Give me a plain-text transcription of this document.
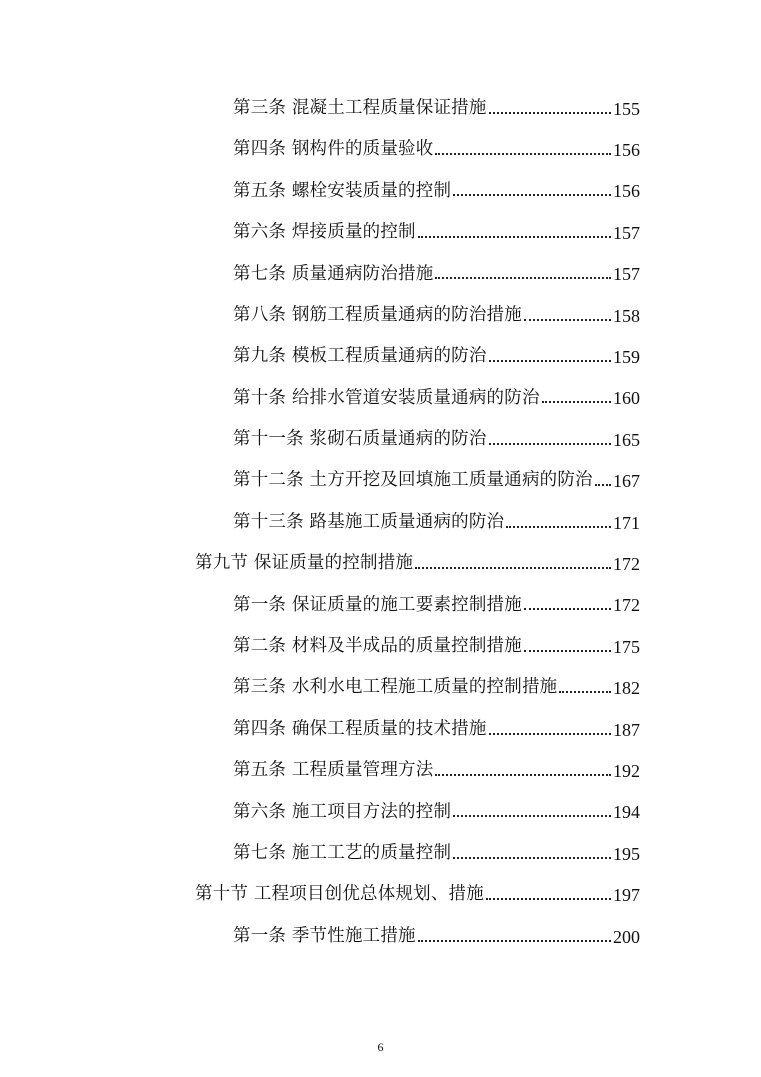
第三条 混凝土工程质量保证措施	155
第四条 钢构件的质量验收	156
第五条 螺栓安装质量的控制	156
第六条 焊接质量的控制	157
第七条 质量通病防治措施	157
第八条 钢筋工程质量通病的防治措施	158
第九条 模板工程质量通病的防治	159
第十条 给排水管道安装质量通病的防治	160
第十一条 浆砌石质量通病的防治	165
第十二条 土方开挖及回填施工质量通病的防治 167
第十三条 路基施工质量通病的防治	171
第九节 保证质量的控制措施	172
第一条 保证质量的施工要素控制措施	172
第二条 材料及半成品的质量控制措施	175
第三条 水利水电工程施工质量的控制措施	182
第四条 确保工程质量的技术措施	187
第五条 工程质量管理方法	192
第六条 施工项目方法的控制	194
第七条 施工工艺的质量控制	195
第十节 工程项目创优总体规划、措施	197
第一条 季节性施工措施	200
6
